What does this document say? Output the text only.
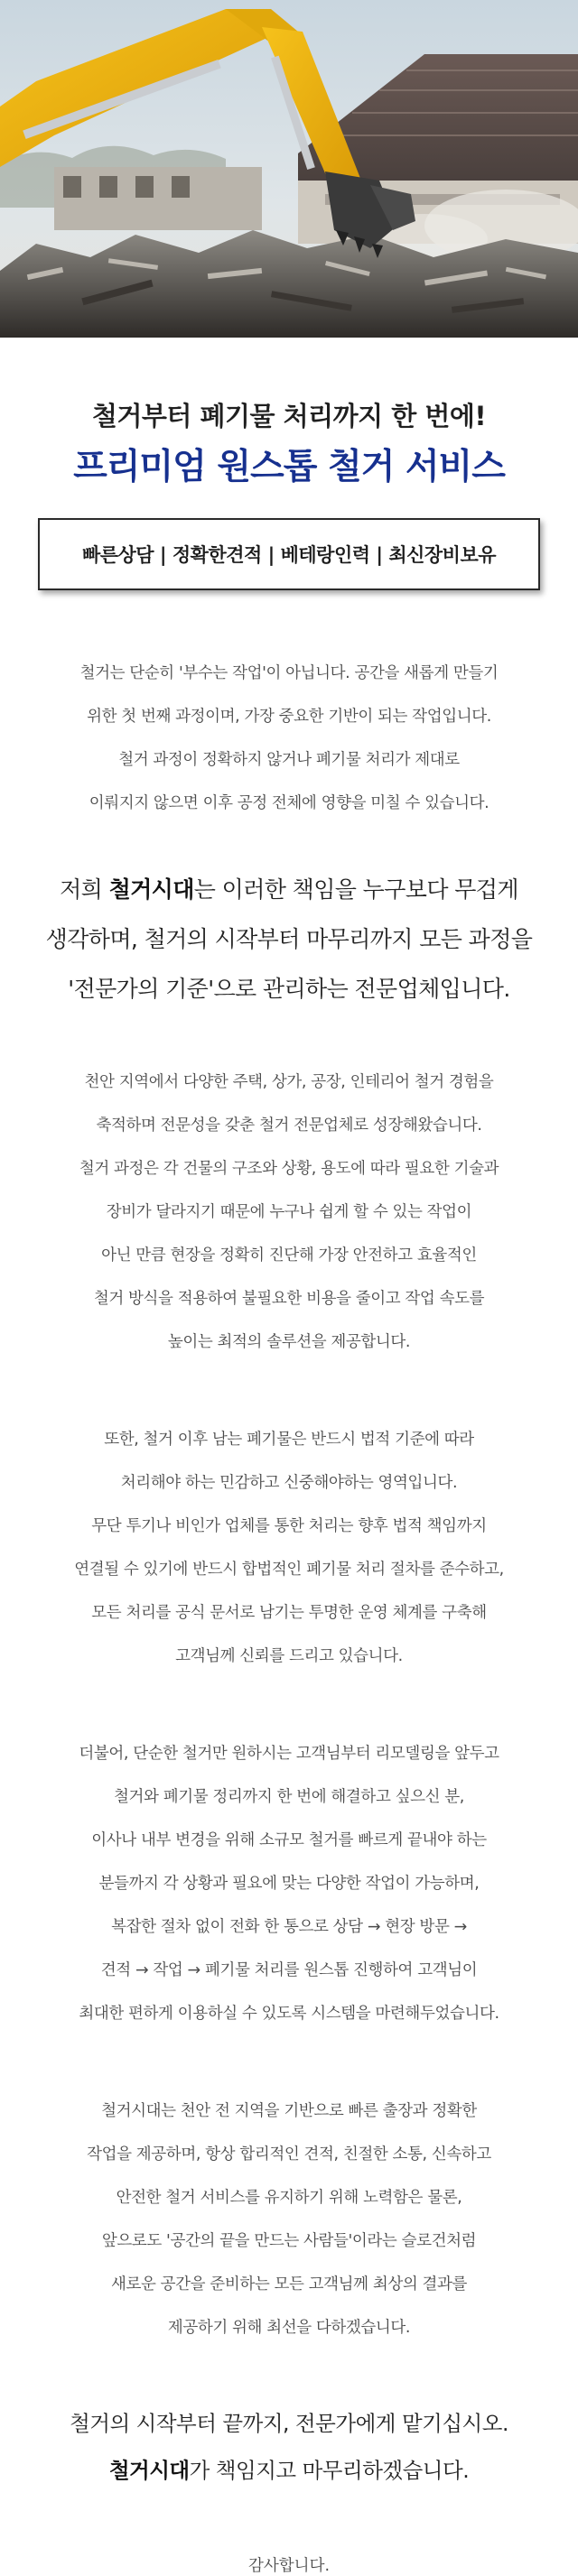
철거부터 폐기물 처리까지 한 번에!
프리미엄 원스톱 철거 서비스
빠른상담 | 정확한견적 | 베테랑인력 | 최신장비보유
철거는 단순히 '부수는 작업'이 아닙니다. 공간을 새롭게 만들기
위한 첫 번째 과정이며, 가장 중요한 기반이 되는 작업입니다.
철거 과정이 정확하지 않거나 폐기물 처리가 제대로
이뤄지지 않으면 이후 공정 전체에 영향을 미칠 수 있습니다.
저희 철거시대는 이러한 책임을 누구보다 무겁게
생각하며, 철거의 시작부터 마무리까지 모든 과정을
'전문가의 기준'으로 관리하는 전문업체입니다.
천안 지역에서 다양한 주택, 상가, 공장, 인테리어 철거 경험을
축적하며 전문성을 갖춘 철거 전문업체로 성장해왔습니다.
철거 과정은 각 건물의 구조와 상황, 용도에 따라 필요한 기술과
장비가 달라지기 때문에 누구나 쉽게 할 수 있는 작업이
아닌 만큼 현장을 정확히 진단해 가장 안전하고 효율적인
철거 방식을 적용하여 불필요한 비용을 줄이고 작업 속도를
높이는 최적의 솔루션을 제공합니다.
또한, 철거 이후 남는 폐기물은 반드시 법적 기준에 따라
처리해야 하는 민감하고 신중해야하는 영역입니다.
무단 투기나 비인가 업체를 통한 처리는 향후 법적 책임까지
연결될 수 있기에 반드시 합법적인 폐기물 처리 절차를 준수하고,
모든 처리를 공식 문서로 남기는 투명한 운영 체계를 구축해
고객님께 신뢰를 드리고 있습니다.
더불어, 단순한 철거만 원하시는 고객님부터 리모델링을 앞두고
철거와 폐기물 정리까지 한 번에 해결하고 싶으신 분,
이사나 내부 변경을 위해 소규모 철거를 빠르게 끝내야 하는
분들까지 각 상황과 필요에 맞는 다양한 작업이 가능하며,
복잡한 절차 없이 전화 한 통으로 상담 → 현장 방문 →
견적 → 작업 → 폐기물 처리를 원스톱 진행하여 고객님이
최대한 편하게 이용하실 수 있도록 시스템을 마련해두었습니다.
철거시대는 천안 전 지역을 기반으로 빠른 출장과 정확한
작업을 제공하며, 항상 합리적인 견적, 친절한 소통, 신속하고
안전한 철거 서비스를 유지하기 위해 노력함은 물론,
앞으로도 '공간의 끝을 만드는 사람들'이라는 슬로건처럼
새로운 공간을 준비하는 모든 고객님께 최상의 결과를
제공하기 위해 최선을 다하겠습니다.
철거의 시작부터 끝까지, 전문가에게 맡기십시오.
철거시대가 책임지고 마무리하겠습니다.
감사합니다.
